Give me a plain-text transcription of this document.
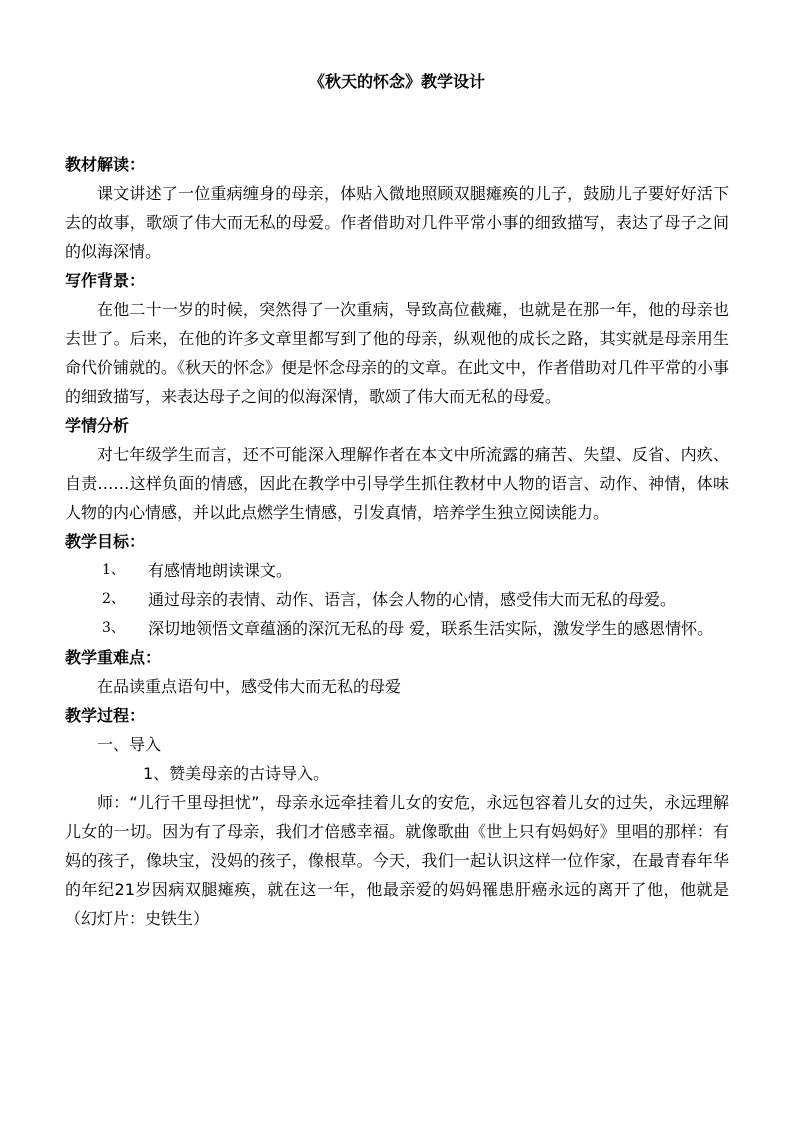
《秋天的怀念》教学设计

教材解读：

课文讲述了一位重病缠身的母亲，体贴入微地照顾双腿瘫痪的儿子，鼓励儿子要好好活下去的故事，歌颂了伟大而无私的母爱。作者借助对几件平常小事的细致描写，表达了母子之间的似海深情。

写作背景：

在他二十一岁的时候，突然得了一次重病，导致高位截瘫，也就是在那一年，他的母亲也去世了。后来，在他的许多文章里都写到了他的母亲，纵观他的成长之路，其实就是母亲用生命代价铺就的。《秋天的怀念》便是怀念母亲的的文章。在此文中，作者借助对几件平常的小事的细致描写，来表达母子之间的似海深情，歌颂了伟大而无私的母爱。

学情分析

对七年级学生而言，还不可能深入理解作者在本文中所流露的痛苦、失望、反省、内疚、自责……这样负面的情感，因此在教学中引导学生抓住教材中人物的语言、动作、神情，体味人物的内心情感，并以此点燃学生情感，引发真情，培养学生独立阅读能力。

教学目标：

1、	有感情地朗读课文。
2、	通过母亲的表情、动作、语言，体会人物的心情，感受伟大而无私的母爱。
3、	深切地领悟文章蕴涵的深沉无私的母 爱，联系生活实际，激发学生的感恩情怀。

教学重难点：

在品读重点语句中，感受伟大而无私的母爱

教学过程：

一、导入

1、赞美母亲的古诗导入。

师：“儿行千里母担忧”，母亲永远牵挂着儿女的安危，永远包容着儿女的过失，永远理解儿女的一切。因为有了母亲，我们才倍感幸福。就像歌曲《世上只有妈妈好》里唱的那样：有妈的孩子，像块宝，没妈的孩子，像根草。今天，我们一起认识这样一位作家，在最青春年华的年纪21岁因病双腿瘫痪，就在这一年，他最亲爱的妈妈罹患肝癌永远的离开了他，他就是（幻灯片：史铁生）
